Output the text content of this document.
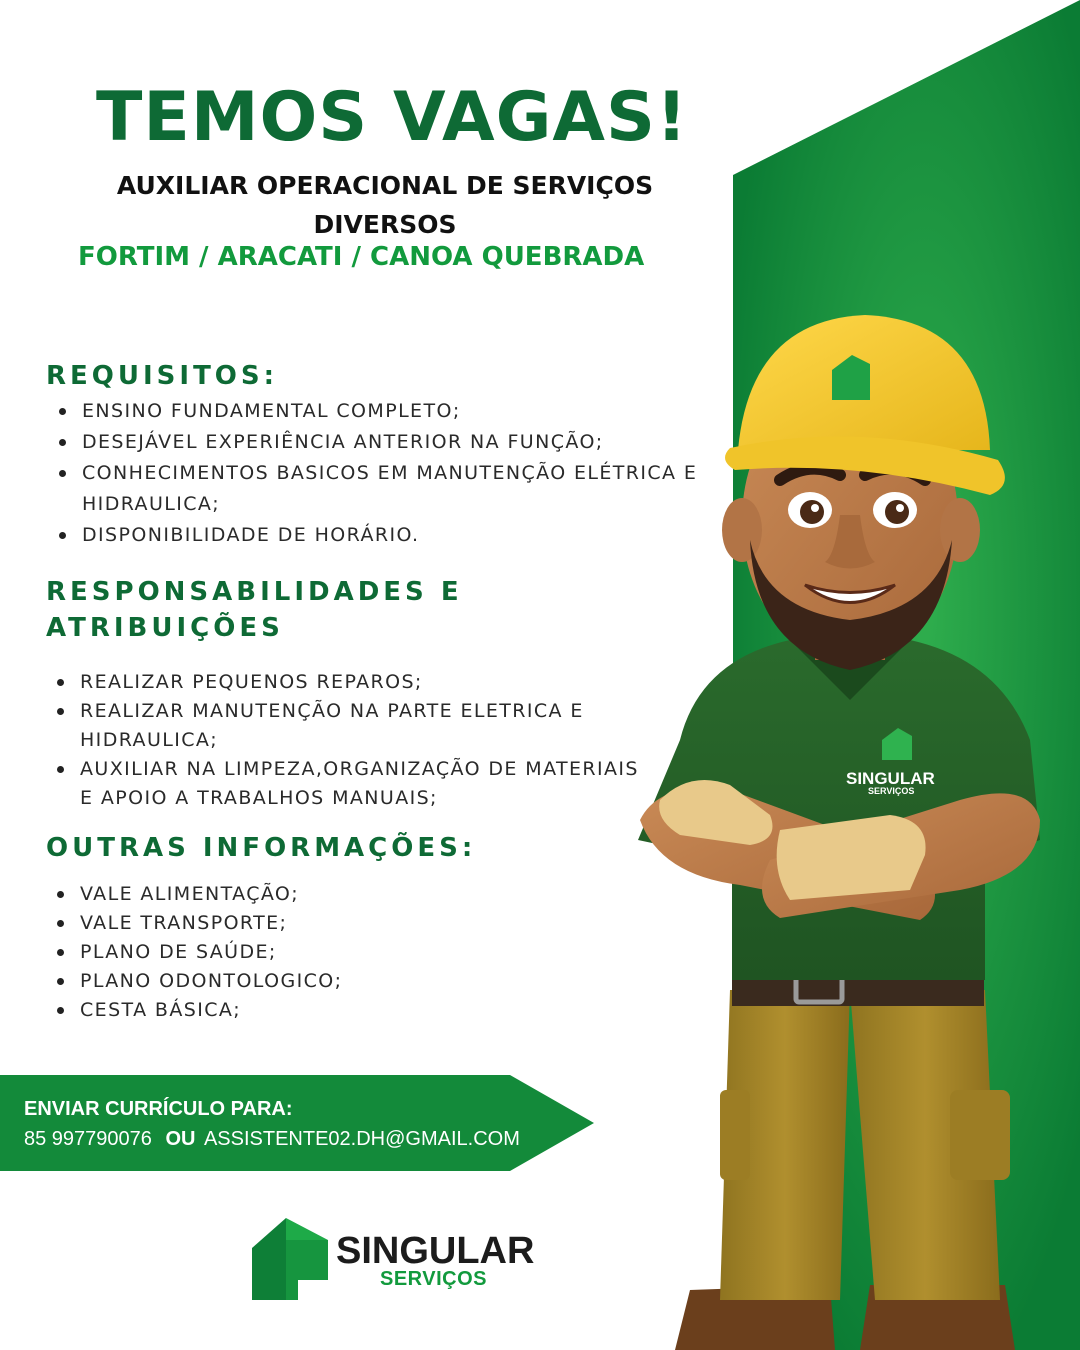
TEMOS VAGAS!

AUXILIAR OPERACIONAL DE SERVIÇOS DIVERSOS

FORTIM / ARACATI / CANOA QUEBRADA

REQUISITOS:
ENSINO FUNDAMENTAL COMPLETO;
DESEJÁVEL EXPERIÊNCIA ANTERIOR NA FUNÇÃO;
CONHECIMENTOS BASICOS EM MANUTENÇÃO ELÉTRICA E HIDRAULICA;
DISPONIBILIDADE DE HORÁRIO.
RESPONSABILIDADES E ATRIBUIÇÕES
REALIZAR PEQUENOS REPAROS;
REALIZAR MANUTENÇÃO NA PARTE ELETRICA E HIDRAULICA;
AUXILIAR NA LIMPEZA,ORGANIZAÇÃO DE MATERIAIS E APOIO A TRABALHOS MANUAIS;
OUTRAS INFORMAÇÕES:
VALE ALIMENTAÇÃO;
VALE TRANSPORTE;
PLANO DE SAÚDE;
PLANO ODONTOLOGICO;
CESTA BÁSICA;
ENVIAR CURRÍCULO PARA:
85 997790076 OU ASSISTENTE02.DH@GMAIL.COM
SINGULAR
SERVIÇOS
SINGULAR
SERVIÇOS
